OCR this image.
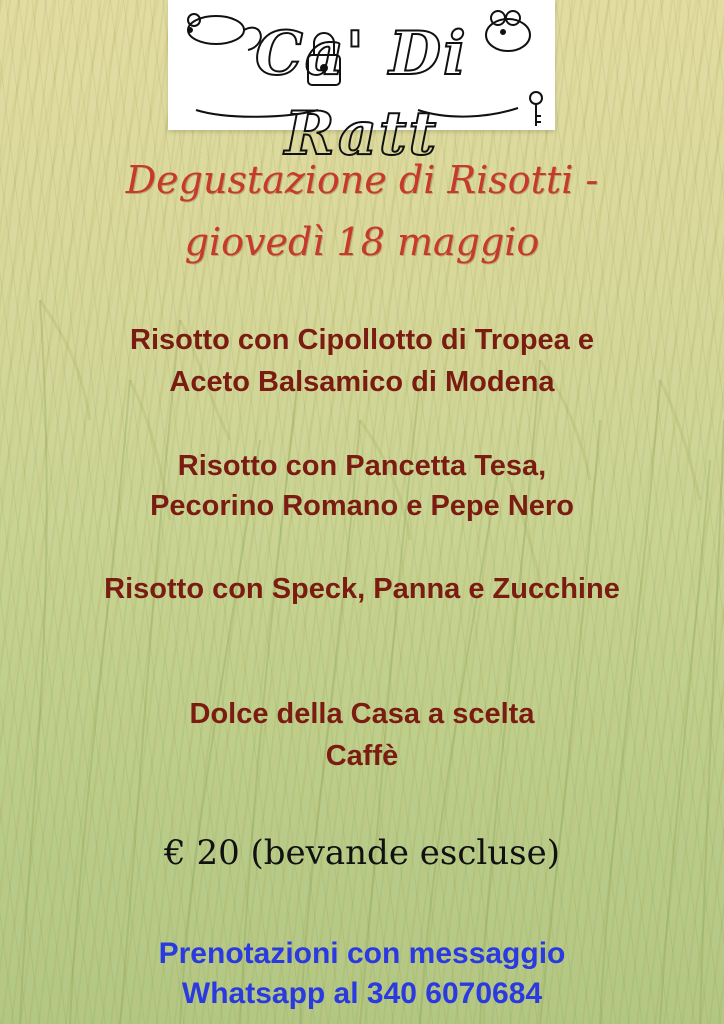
Ca' Di Ratt
Degustazione di Risotti -
giovedì 18 maggio
Risotto con Cipollotto di Tropea e
Aceto Balsamico di Modena
Risotto con Pancetta Tesa,
Pecorino Romano e Pepe Nero
Risotto con Speck, Panna e Zucchine
Dolce della Casa a scelta
Caffè
€ 20 (bevande escluse)
Prenotazioni con messaggio
Whatsapp al 340 6070684
